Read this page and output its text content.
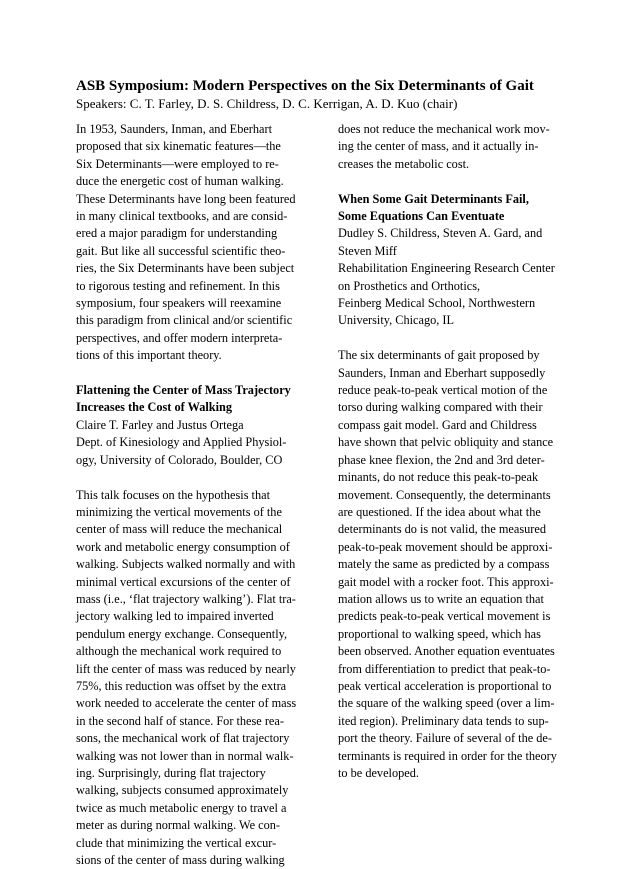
ASB Symposium: Modern Perspectives on the Six Determinants of Gait

Speakers: C. T. Farley, D. S. Childress, D. C. Kerrigan, A. D. Kuo (chair)

In 1953, Saunders, Inman, and Eberhart
proposed that six kinematic features—the
Six Determinants—were employed to re-
duce the energetic cost of human walking.
These Determinants have long been featured
in many clinical textbooks, and are consid-
ered a major paradigm for understanding
gait. But like all successful scientific theo-
ries, the Six Determinants have been subject
to rigorous testing and refinement. In this
symposium, four speakers will reexamine
this paradigm from clinical and/or scientific
perspectives, and offer modern interpreta-
tions of this important theory.
Flattening the Center of Mass Trajectory
Increases the Cost of Walking
Claire T. Farley and Justus Ortega
Dept. of Kinesiology and Applied Physiol-
ogy, University of Colorado, Boulder, CO
This talk focuses on the hypothesis that
minimizing the vertical movements of the
center of mass will reduce the mechanical
work and metabolic energy consumption of
walking. Subjects walked normally and with
minimal vertical excursions of the center of
mass (i.e., ‘flat trajectory walking’). Flat tra-
jectory walking led to impaired inverted
pendulum energy exchange. Consequently,
although the mechanical work required to
lift the center of mass was reduced by nearly
75%, this reduction was offset by the extra
work needed to accelerate the center of mass
in the second half of stance. For these rea-
sons, the mechanical work of flat trajectory
walking was not lower than in normal walk-
ing. Surprisingly, during flat trajectory
walking, subjects consumed approximately
twice as much metabolic energy to travel a
meter as during normal walking. We con-
clude that minimizing the vertical excur-
sions of the center of mass during walking
does not reduce the mechanical work mov-
ing the center of mass, and it actually in-
creases the metabolic cost.
When Some Gait Determinants Fail,
Some Equations Can Eventuate
Dudley S. Childress, Steven A. Gard, and
Steven Miff
Rehabilitation Engineering Research Center
on Prosthetics and Orthotics,
Feinberg Medical School, Northwestern
University, Chicago, IL
The six determinants of gait proposed by
Saunders, Inman and Eberhart supposedly
reduce peak-to-peak vertical motion of the
torso during walking compared with their
compass gait model. Gard and Childress
have shown that pelvic obliquity and stance
phase knee flexion, the 2nd and 3rd deter-
minants, do not reduce this peak-to-peak
movement. Consequently, the determinants
are questioned. If the idea about what the
determinants do is not valid, the measured
peak-to-peak movement should be approxi-
mately the same as predicted by a compass
gait model with a rocker foot. This approxi-
mation allows us to write an equation that
predicts peak-to-peak vertical movement is
proportional to walking speed, which has
been observed. Another equation eventuates
from differentiation to predict that peak-to-
peak vertical acceleration is proportional to
the square of the walking speed (over a lim-
ited region). Preliminary data tends to sup-
port the theory. Failure of several of the de-
terminants is required in order for the theory
to be developed.
